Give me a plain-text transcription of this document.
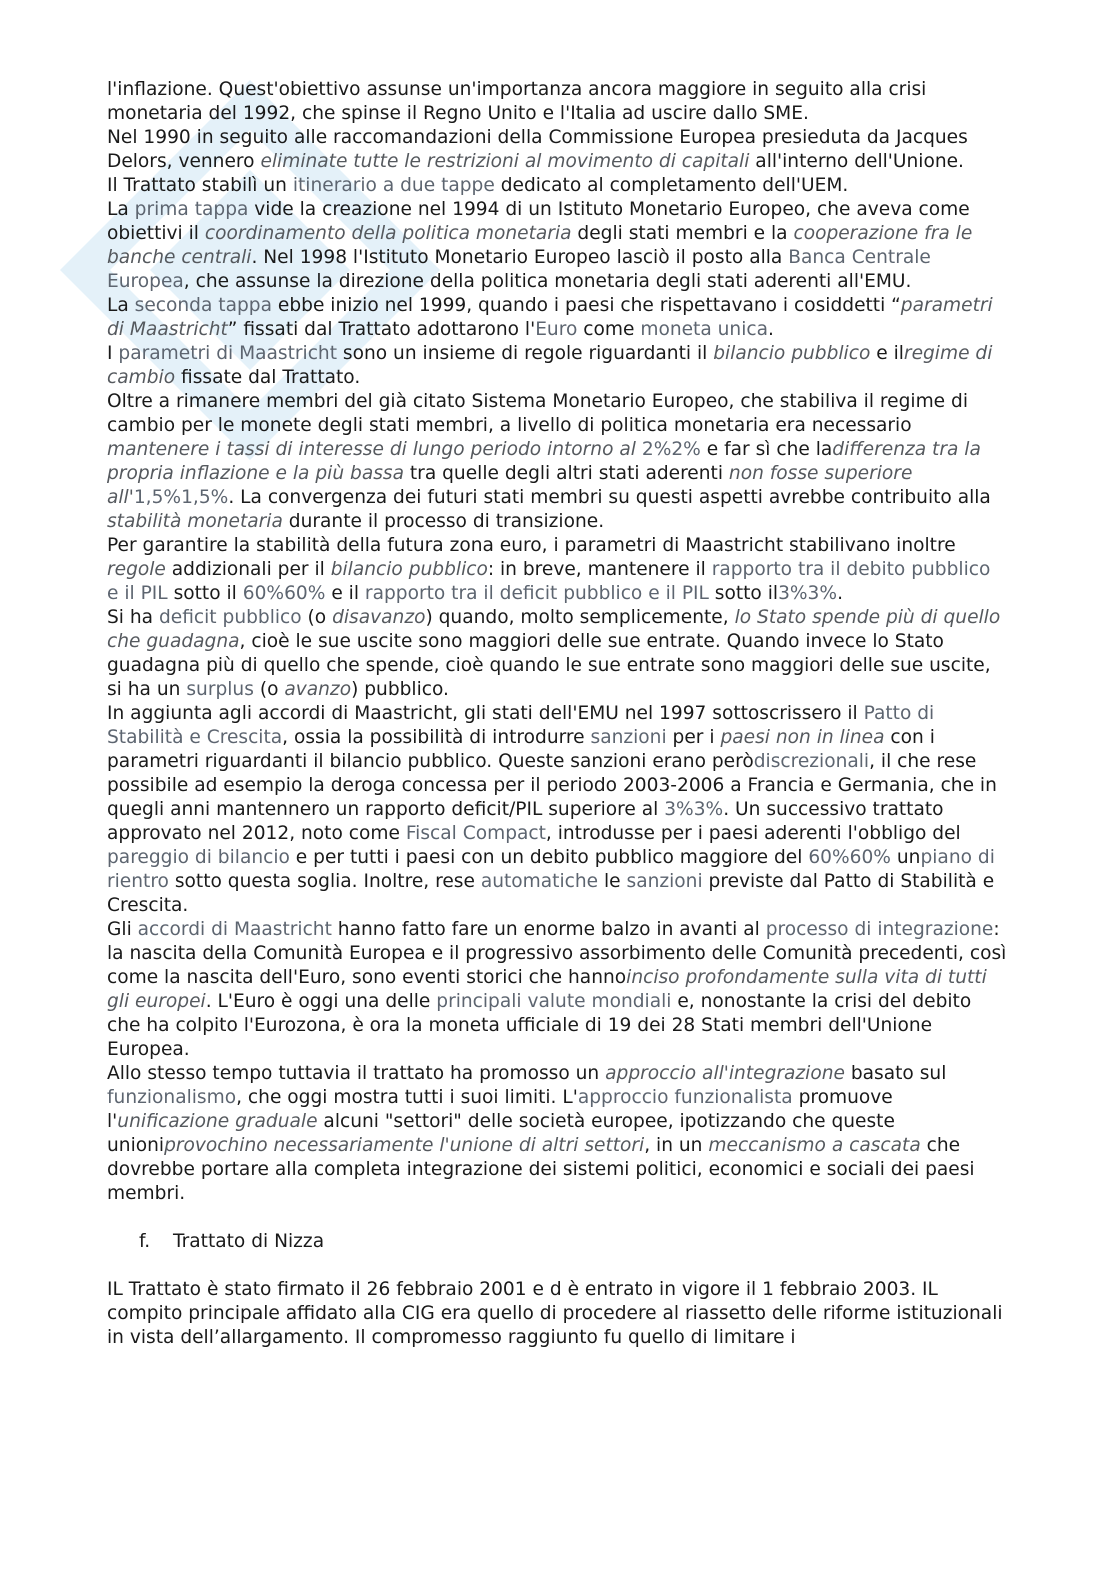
l'inflazione. Quest'obiettivo assunse un'importanza ancora maggiore in seguito alla crisi monetaria del 1992, che spinse il Regno Unito e l'Italia ad uscire dallo SME.

Nel 1990 in seguito alle raccomandazioni della Commissione Europea presieduta da Jacques Delors, vennero eliminate tutte le restrizioni al movimento di capitali all'interno dell'Unione.

Il Trattato stabilì un itinerario a due tappe dedicato al completamento dell'UEM.

La prima tappa vide la creazione nel 1994 di un Istituto Monetario Europeo, che aveva come obiettivi il coordinamento della politica monetaria degli stati membri e la cooperazione fra le banche centrali. Nel 1998 l'Istituto Monetario Europeo lasciò il posto alla Banca Centrale Europea, che assunse la direzione della politica monetaria degli stati aderenti all'EMU.

La seconda tappa ebbe inizio nel 1999, quando i paesi che rispettavano i cosiddetti “parametri di Maastricht” fissati dal Trattato adottarono l'Euro come moneta unica.

I parametri di Maastricht sono un insieme di regole riguardanti il bilancio pubblico e ilregime di cambio fissate dal Trattato.

Oltre a rimanere membri del già citato Sistema Monetario Europeo, che stabiliva il regime di cambio per le monete degli stati membri, a livello di politica monetaria era necessario mantenere i tassi di interesse di lungo periodo intorno al 2%2% e far sì che ladifferenza tra la propria inflazione e la più bassa tra quelle degli altri stati aderenti non fosse superiore all'1,5%1,5%. La convergenza dei futuri stati membri su questi aspetti avrebbe contribuito alla stabilità monetaria durante il processo di transizione.

Per garantire la stabilità della futura zona euro, i parametri di Maastricht stabilivano inoltre regole addizionali per il bilancio pubblico: in breve, mantenere il rapporto tra il debito pubblico e il PIL sotto il 60%60% e il rapporto tra il deficit pubblico e il PIL sotto il3%3%.

Si ha deficit pubblico (o disavanzo) quando, molto semplicemente, lo Stato spende più di quello che guadagna, cioè le sue uscite sono maggiori delle sue entrate. Quando invece lo Stato guadagna più di quello che spende, cioè quando le sue entrate sono maggiori delle sue uscite, si ha un surplus (o avanzo) pubblico.

In aggiunta agli accordi di Maastricht, gli stati dell'EMU nel 1997 sottoscrissero il Patto di Stabilità e Crescita, ossia la possibilità di introdurre sanzioni per i paesi non in linea con i parametri riguardanti il bilancio pubblico. Queste sanzioni erano peròdiscrezionali, il che rese possibile ad esempio la deroga concessa per il periodo 2003-2006 a Francia e Germania, che in quegli anni mantennero un rapporto deficit/PIL superiore al 3%3%. Un successivo trattato approvato nel 2012, noto come Fiscal Compact, introdusse per i paesi aderenti l'obbligo del pareggio di bilancio e per tutti i paesi con un debito pubblico maggiore del 60%60% unpiano di rientro sotto questa soglia. Inoltre, rese automatiche le sanzioni previste dal Patto di Stabilità e Crescita.

Gli accordi di Maastricht hanno fatto fare un enorme balzo in avanti al processo di integrazione: la nascita della Comunità Europea e il progressivo assorbimento delle Comunità precedenti, così come la nascita dell'Euro, sono eventi storici che hannoinciso profondamente sulla vita di tutti gli europei. L'Euro è oggi una delle principali valute mondiali e, nonostante la crisi del debito che ha colpito l'Eurozona, è ora la moneta ufficiale di 19 dei 28 Stati membri dell'Unione Europea.

Allo stesso tempo tuttavia il trattato ha promosso un approccio all'integrazione basato sul funzionalismo, che oggi mostra tutti i suoi limiti. L'approccio funzionalista promuove l'unificazione graduale alcuni "settori" delle società europee, ipotizzando che queste unioniprovochino necessariamente l'unione di altri settori, in un meccanismo a cascata che dovrebbe portare alla completa integrazione dei sistemi politici, economici e sociali dei paesi membri.

f. Trattato di Nizza

IL Trattato è stato firmato il 26 febbraio 2001 e d è entrato in vigore il 1 febbraio 2003. IL compito principale affidato alla CIG era quello di procedere al riassetto delle riforme istituzionali in vista dell’allargamento. Il compromesso raggiunto fu quello di limitare i
